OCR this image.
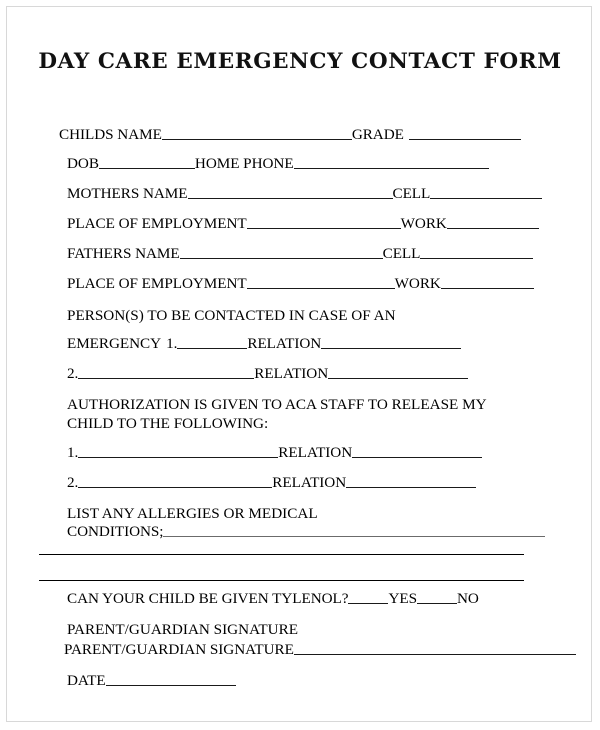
DAY CARE EMERGENCY CONTACT FORM
CHILDS NAME	GRADE
DOB	HOME PHONE
MOTHERS NAME	CELL
PLACE OF EMPLOYMENT	WORK
FATHERS NAME	CELL
PLACE OF EMPLOYMENT	WORK
PERSON(S) TO BE CONTACTED IN CASE OF AN
EMERGENCY 1.	RELATION
2.	RELATION
AUTHORIZATION IS GIVEN TO ACA STAFF TO RELEASE MY
CHILD TO THE FOLLOWING:
1.	RELATION
2.	RELATION
LIST ANY ALLERGIES OR MEDICAL
CONDITIONS;
CAN YOUR CHILD BE GIVEN TYLENOL?	YES	NO
PARENT/GUARDIAN SIGNATURE
PARENT/GUARDIAN SIGNATURE
DATE
